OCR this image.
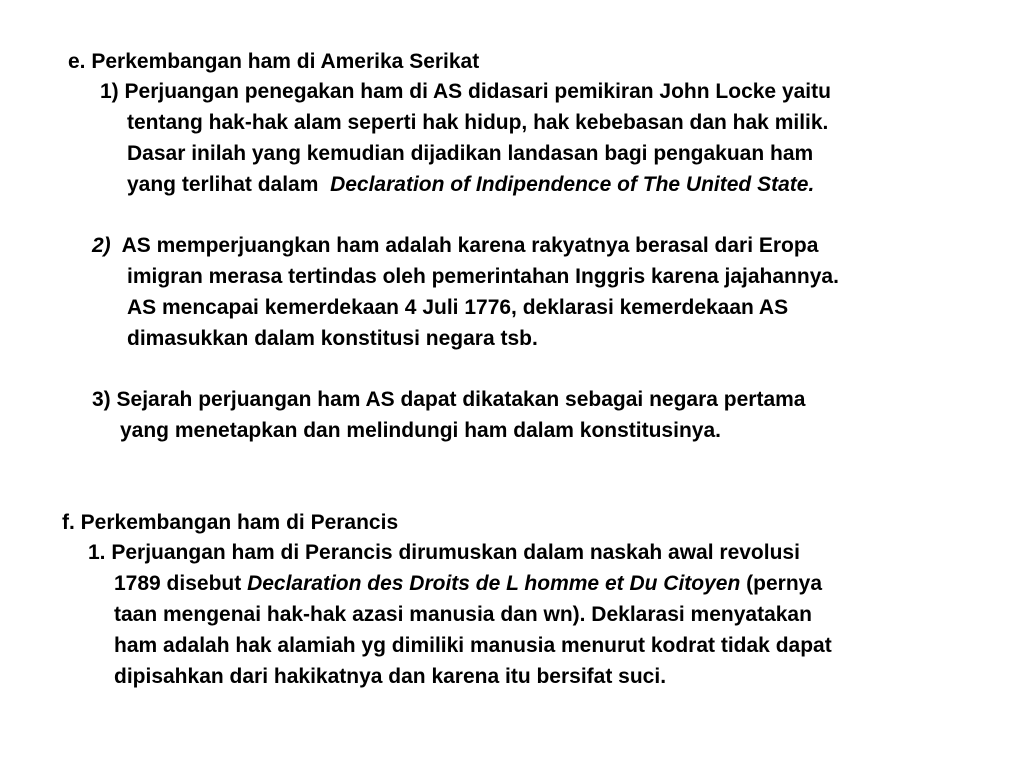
e. Perkembangan ham di Amerika Serikat
1) Perjuangan penegakan ham di AS didasari pemikiran John Locke yaitu
tentang hak-hak alam seperti hak hidup, hak kebebasan dan hak milik.
Dasar inilah yang kemudian dijadikan landasan bagi pengakuan ham
yang terlihat dalam Declaration of Indipendence of The United State.
2) AS memperjuangkan ham adalah karena rakyatnya berasal dari Eropa
imigran merasa tertindas oleh pemerintahan Inggris karena jajahannya.
AS mencapai kemerdekaan 4 Juli 1776, deklarasi kemerdekaan AS
dimasukkan dalam konstitusi negara tsb.
3) Sejarah perjuangan ham AS dapat dikatakan sebagai negara pertama
yang menetapkan dan melindungi ham dalam konstitusinya.
f. Perkembangan ham di Perancis
1. Perjuangan ham di Perancis dirumuskan dalam naskah awal revolusi
1789 disebut Declaration des Droits de L homme et Du Citoyen (pernya
taan mengenai hak-hak azasi manusia dan wn). Deklarasi menyatakan
ham adalah hak alamiah yg dimiliki manusia menurut kodrat tidak dapat
dipisahkan dari hakikatnya dan karena itu bersifat suci.
